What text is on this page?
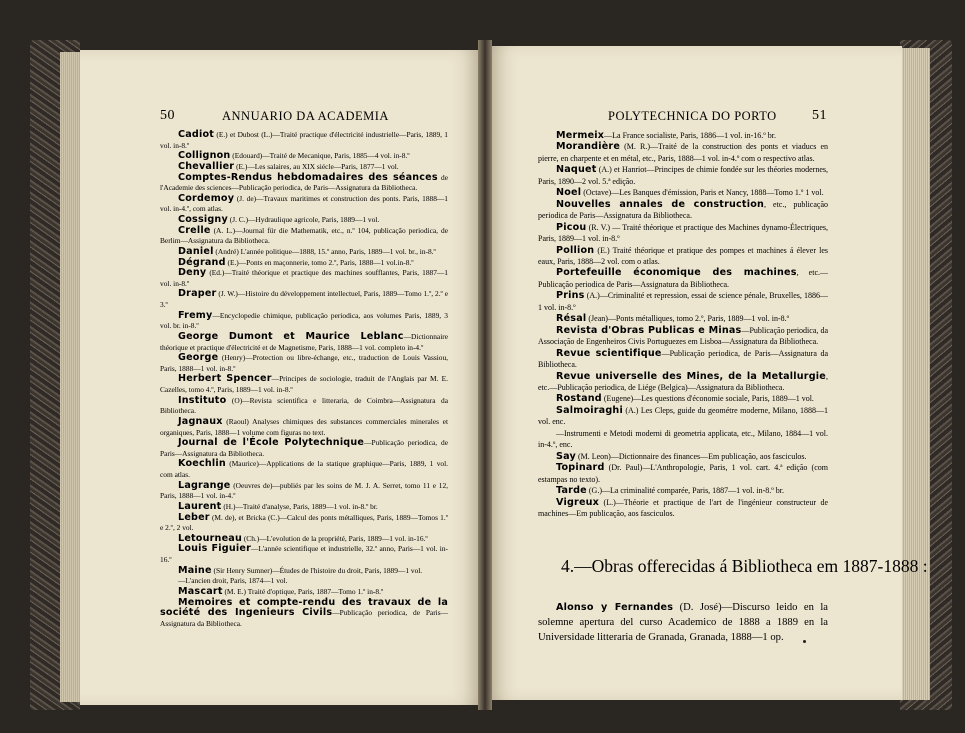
50	ANNUARIO DA ACADEMIA	POLYTECHNICA DO PORTO	51

Cadiot (E.) et Dubost (L.)—Traité practique d'électricité industrielle—Paris, 1889, 1 vol. in-8.º

Collignon (Edouard)—Traité de Mecanique, Paris, 1885—4 vol. in-8.º

Chevallier (E.)—Les salaires, au XIX siécle—Paris, 1877—1 vol.

Comptes-Rendus hebdomadaires des séances de l'Academie des sciences—Publicação periodica, de Paris—Assignatura da Bibliotheca.

Cordemoy (J. de)—Travaux maritimes et construction des ponts. Paris, 1888—1 vol. in-4.º, com atlas.

Cossigny (J. C.)—Hydraulique agricole, Paris, 1889—1 vol.

Crelle (A. L.)—Journal für die Mathematik, etc., n.º 104, publicação periodica, de Berlim—Assignatura da Bibliotheca.

Daniel (André) L'année politique—1888, 15.º anno, Paris, 1889—1 vol. br., in-8.º

Dégrand (E.)—Ponts en maçonnerie, tomo 2.º, Paris, 1888—1 vol.in-8.º

Deny (Ed.)—Traité théorique et practique des machines soufflantes, Paris, 1887—1 vol. in-8.º

Draper (J. W.)—Histoire du développement intellectuel, Paris, 1889—Tomo 1.º, 2.º e 3.º

Fremy—Encyclopedie chimique, publicação periodica, aos volumes Paris, 1889, 3 vol. br. in-8.º

George Dumont et Maurice Leblanc—Dictionnaire théorique et practique d'électricité et de Magnetisme, Paris, 1888—1 vol. completo in-4.º

George (Henry)—Protection ou libre-échange, etc., traduction de Louis Vassiou, Paris, 1888—1 vol. in-8.º

Herbert Spencer—Principes de sociologie, traduit de l'Anglais par M. E. Cazelles, tomo 4.º, Paris, 1889—1 vol. in-8.º

Instituto (O)—Revista scientifica e litteraria, de Coimbra—Assignatura da Bibliotheca.

Jagnaux (Raoul) Analyses chimiques des substances commerciales minerales et organiques, Paris, 1888—1 volume com figuras no text.

Journal de l'École Polytechnique—Publicação periodica, de Paris—Assignatura da Bibliotheca.

Koechlin (Maurice)—Applications de la statique graphique—Paris, 1889, 1 vol. com atlas.

Lagrange (Oeuvres de)—publiés par les soins de M. J. A. Serret, tomo 11 e 12, Paris, 1888—1 vol. in-4.º

Laurent (H.)—Traité d'analyse, Paris, 1889—1 vol. in-8.º br.

Leber (M. de), et Bricka (C.)—Calcul des ponts métalliques, Paris, 1889—Tomos 1.º e 2.º, 2 vol.

Letourneau (Ch.)—L'evolution de la propriété, Paris, 1889—1 vol. in-16.º

Louis Figuier—L'année scientifique et industrielle, 32.º anno, Paris—1 vol. in-16.º

Maine (Sir Henry Sumner)—Études de l'histoire du droit, Paris, 1889—1 vol.

—L'ancien droit, Paris, 1874—1 vol.

Mascart (M. E.) Traité d'optique, Paris, 1887—Tomo 1.º in-8.º

Memoires et compte-rendu des travaux de la société des Ingenieurs Civils—Publicação periodica, de Paris—Assignatura da Bibliotheca.

Mermeix—La France socialiste, Paris, 1886—1 vol. in-16.º br.

Morandière (M. R.)—Traité de la construction des ponts et viaducs en pierre, en charpente et en métal, etc., Paris, 1888—1 vol. in-4.º com o respectivo atlas.

Naquet (A.) et Hanriot—Principes de chimie fondée sur les théories modernes, Paris, 1890—2 vol. 5.ª edição.

Noel (Octave)—Les Banques d'émission, Paris et Nancy, 1888—Tomo 1.º 1 vol.

Nouvelles annales de construction, etc., publicação periodica de Paris—Assignatura da Bibliotheca.

Picou (R. V.) — Traité théorique et practique des Machines dynamo-Électriques, Paris, 1889—1 vol. in-8.º

Pollion (E.) Traité théorique et pratique des pompes et machines á élever les eaux, Paris, 1888—2 vol. com o atlas.

Portefeuille économique des machines, etc.—Publicação periodica de Paris—Assignatura da Bibliotheca.

Prins (A.)—Criminalité et repression, essai de science pénale, Bruxelles, 1886—1 vol. in-8.º

Résal (Jean)—Ponts métalliques, tomo 2.º, Paris, 1889—1 vol. in-8.º

Revista d'Obras Publicas e Minas—Publicação periodica, da Associação de Engenheiros Civis Portuguezes em Lisboa—Assignatura da Bibliotheca.

Revue scientifique—Publicação periodica, de Paris—Assignatura da Bibliotheca.

Revue universelle des Mines, de la Metallurgie, etc.—Publicação periodica, de Liége (Belgica)—Assignatura da Bibliotheca.

Rostand (Eugene)—Les questions d'économie sociale, Paris, 1889—1 vol.

Salmoiraghi (A.) Les Cleps, guide du geométre moderne, Milano, 1888—1 vol. enc.

—Instrumenti e Metodi moderni di geometria applicata, etc., Milano, 1884—1 vol. in-4.º, enc.

Say (M. Leon)—Dictionnaire des finances—Em publicação, aos fasciculos.

Topinard (Dr. Paul)—L'Anthropologie, Paris, 1 vol. cart. 4.ª edição (com estampas no texto).

Tarde (G.)—La criminalité comparée, Paris, 1887—1 vol. in-8.º br.

Vigreux (L.)—Théorie et practique de l'art de l'ingénieur constructeur de machines—Em publicação, aos fasciculos.

4.—Obras offerecidas á Bibliotheca em 1887-1888 :

Alonso y Fernandes (D. José)—Discurso leido en la solemne apertura del curso Academico de 1888 a 1889 en la Universidade litteraria de Granada, Granada, 1888—1 op.
